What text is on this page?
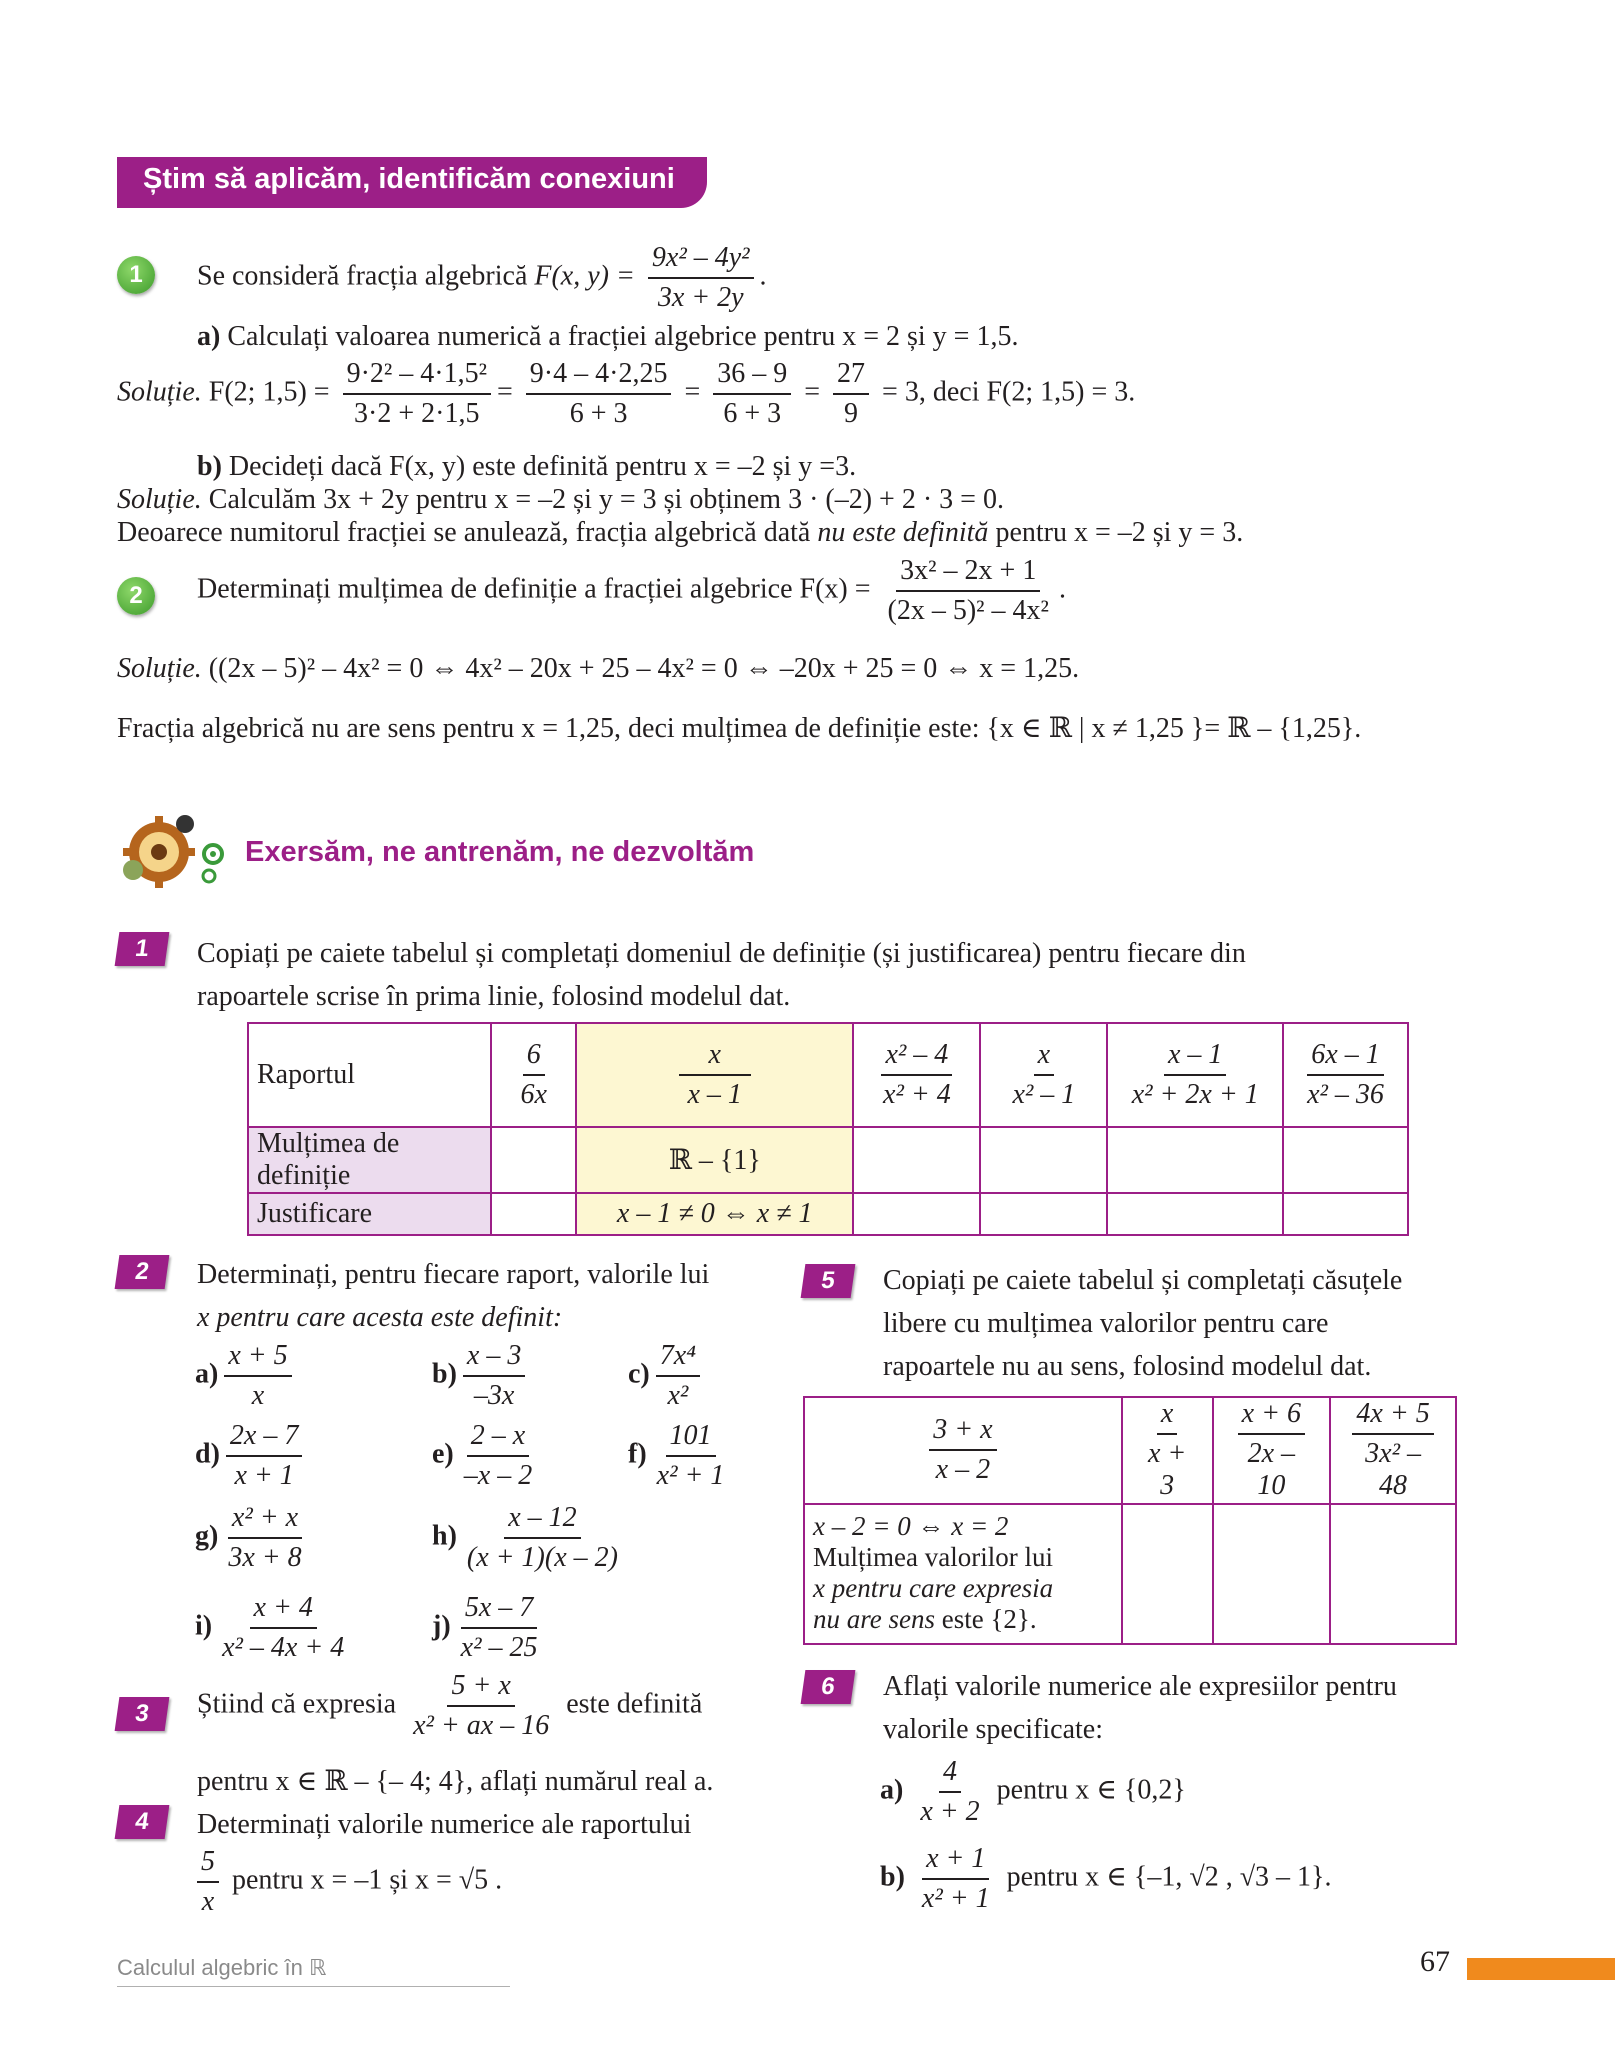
Știm să aplicăm, identificăm conexiuni
1	Se consideră fracția algebrică F(x, $y) = \frac{\text{9x² – 4y²}}{3x + 2y}$ .
a) Calculați valoarea numerică a fracției algebrice pentru x = 2 și y = 1,5.
Soluție. F(2; $1,5) = \frac{\text{9·2² – 4·1,5²}}{3\cdot 2 + 2\cdot 1,5} = \frac{9\cdot 4 - 4\cdot 2,25}{6 + 3} = \frac{36 - 9}{6 + 3} = \frac{27}{9} = 3$, deci F(2; 1,5) = 3.
b) Decideți dacă F(x, y) este definită pentru x = –2 și y =3.
Soluție. Calculăm 3x + 2y pentru x = –2 și y = 3 și obținem 3 · (–2) + 2 · 3 = 0.
Deoarece numitorul fracției se anulează, fracția algebrică dată nu este definită pentru x = –2 și y = 3.
2	Determinați mulțimea de definiție a fracției algebrice $F(x) = \frac{\text{3x² – 2x + 1}}{\text{(2x – 5)² – 4x²}}$ .
Soluție. ((2x – 5)² – 4x² = 0 ⇔ 4x² – 20x + 25 – 4x² = 0 ⇔ –20x + 25 = 0 ⇔ x = 1,25.
Fracția algebrică nu are sens pentru x = 1,25, deci mulțimea de definiție este: {x ∈ ℝ | x ≠ 1,25 }= ℝ – {1,25}.
Exersăm, ne antrenăm, ne dezvoltăm
1	Copiați pe caiete tabelul și completați domeniul de definiție (și justificarea) pentru fiecare din
rapoartele scrise în prima linie, folosind modelul dat.
Raportul	$\frac{6}{6x}$	$\frac{x}{x - 1}$	$\frac{\text{x² – 4}}{\text{x² + 4}}$	$\frac{x}{\text{x² – 1}}$	$\frac{x - 1}{\text{x² + 2x + 1}}$	$\frac{6x - 1}{\text{x² – 36}}$

Mulțimea de definiție		ℝ – {1}				
Justificare		x – 1 ≠ 0 ⇔ x ≠ 1				
2	Determinați, pentru fiecare raport, valorile lui
x pentru care acesta este definit:
$a) \frac{x + 5}{x}$	$b) \frac{x - 3}{-3x}$	$c) \frac{\text{7x⁴}}{\text{x²}}$
$d) \frac{2x - 7}{x + 1}$	$e) \frac{2 - x}{-x - 2}$	$f) \frac{101}{\text{x² + 1}}$
$g) \frac{\text{x² + x}}{3x + 8}$	$h) \frac{x - 12}{(x + 1)(x - 2)}$
$i) \frac{x + 4}{\text{x² – 4x + 4}}$	$j) \frac{5x - 7}{\text{x² – 25}}$
3	Știind că expresia $\frac{5 + x}{\text{x² + ax – 16}}$ este definită
pentru x ∈ ℝ – {– 4; 4}, aflați numărul real a.
4	Determinați valorile numerice ale raportului
$\frac{5}{x}$ pentru x = –1 și x = √5 .
5	Copiați pe caiete tabelul și completați căsuțele
libere cu mulțimea valorilor pentru care
rapoartele nu au sens, folosind modelul dat.
$\frac{3 + x}{x - 2}$	$\frac{x}{x + 3}$	$\frac{x + 6}{2x - 10}$	$\frac{4x + 5}{\text{3x² – 48}}$

x – 2 = 0 ⇔ x = 2
Mulțimea valorilor lui
x pentru care expresia
nu are sens este {2}.			

6	Aflați valorile numerice ale expresiilor pentru
valorile specificate:
$a) \frac{4}{x + 2}$ pentru x ∈ {0,2}
$b) \frac{x + 1}{\text{x² + 1}}$ pentru x ∈ {–1, √2 , √3 – 1}.
Calculul algebric în ℝ	67
